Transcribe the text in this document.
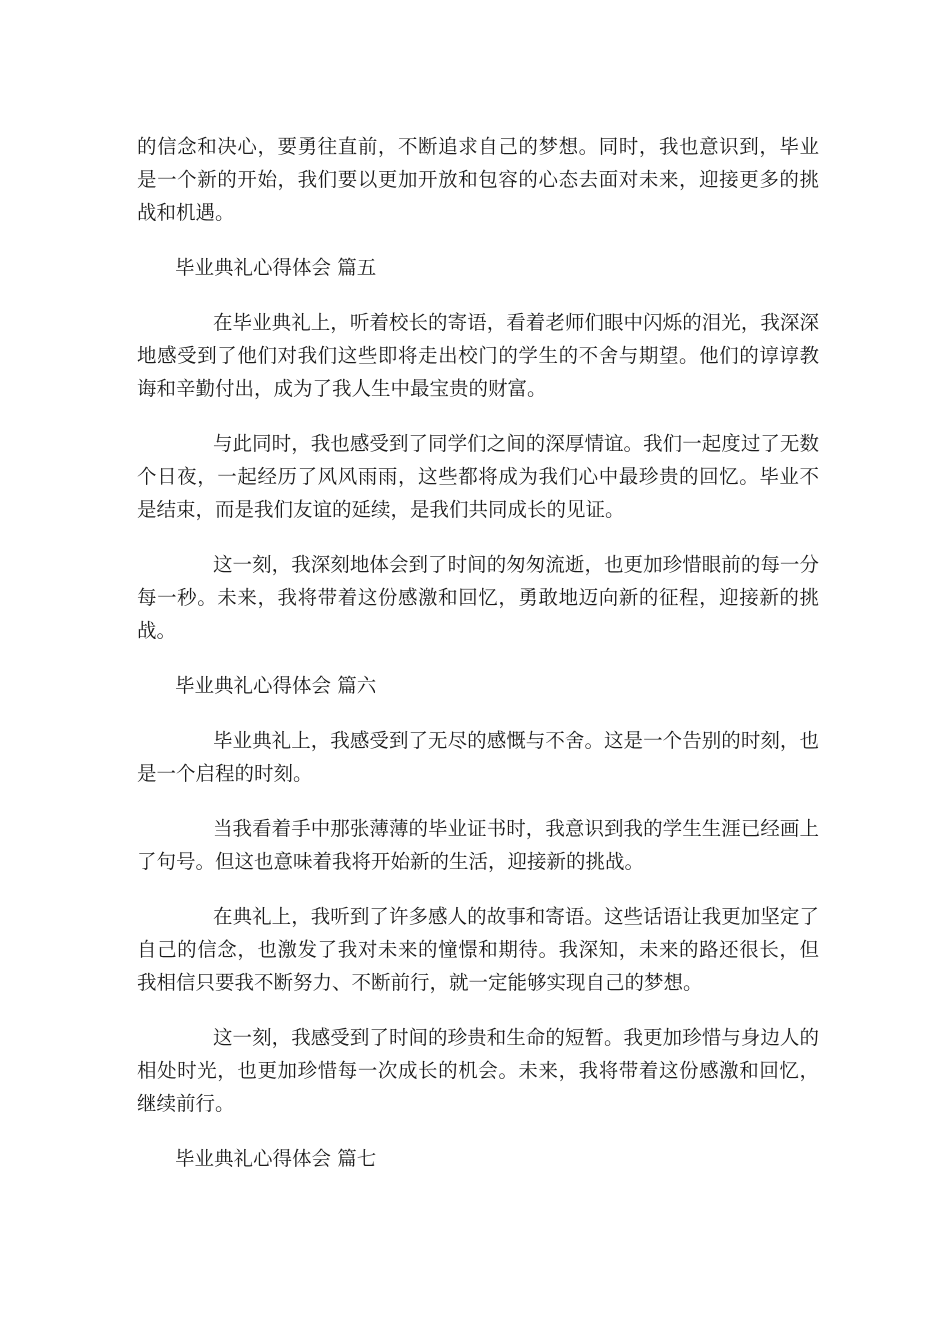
的信念和决心，要勇往直前，不断追求自己的梦想。同时，我也意识到，毕业是一个新的开始，我们要以更加开放和包容的心态去面对未来，迎接更多的挑战和机遇。

毕业典礼心得体会 篇五

在毕业典礼上，听着校长的寄语，看着老师们眼中闪烁的泪光，我深深地感受到了他们对我们这些即将走出校门的学生的不舍与期望。他们的谆谆教诲和辛勤付出，成为了我人生中最宝贵的财富。

与此同时，我也感受到了同学们之间的深厚情谊。我们一起度过了无数个日夜，一起经历了风风雨雨，这些都将成为我们心中最珍贵的回忆。毕业不是结束，而是我们友谊的延续，是我们共同成长的见证。

这一刻，我深刻地体会到了时间的匆匆流逝，也更加珍惜眼前的每一分每一秒。未来，我将带着这份感激和回忆，勇敢地迈向新的征程，迎接新的挑战。

毕业典礼心得体会 篇六

毕业典礼上，我感受到了无尽的感慨与不舍。这是一个告别的时刻，也是一个启程的时刻。

当我看着手中那张薄薄的毕业证书时，我意识到我的学生生涯已经画上了句号。但这也意味着我将开始新的生活，迎接新的挑战。

在典礼上，我听到了许多感人的故事和寄语。这些话语让我更加坚定了自己的信念，也激发了我对未来的憧憬和期待。我深知，未来的路还很长，但我相信只要我不断努力、不断前行，就一定能够实现自己的梦想。

这一刻，我感受到了时间的珍贵和生命的短暂。我更加珍惜与身边人的相处时光，也更加珍惜每一次成长的机会。未来，我将带着这份感激和回忆，继续前行。

毕业典礼心得体会 篇七
